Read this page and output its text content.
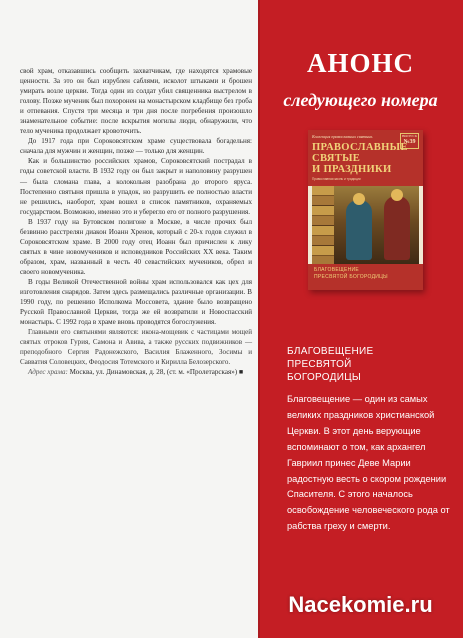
свой храм, отказавшись сообщить захватчикам, где находятся храмовые ценности. За это он был изрублен саблями, исколот штыками и брошен умирать возле церкви. Тогда один из солдат убил священника выстрелом в голову. Позже мученик был похоронен на монастырском кладбище без гроба и отпевания. Спустя три месяца и три дня после погребения произошло знаменательное событие: после вскрытия могилы люди, обнаружили, что тело мученика продолжает кровоточить.

До 1917 года при Сороковсятском храме существовала богадельня: сначала для мужчин и женщин, позже — только для женщин.

Как и большинство российских храмов, Сороковсятский пострадал в годы советской власти. В 1932 году он был закрыт и наполовину разрушен — была сломана глава, а колокольня разобрана до второго яруса. Постепенно святыня пришла в упадок, но разрушить ее полностью власти не решились, наоборот, храм вошел в список памятников, охраняемых государством. Возможно, именно это и уберегло его от полного разрушения.

В 1937 году на Бутовском полигоне в Москве, в числе прочих был безвинно расстрелян диакон Иоанн Хренов, который с 20-х годов служил в Сороковсятском храме. В 2000 году отец Иоанн был причислен к лику святых в чине новомучеников и исповедников Российских XX века. Таким образом, храм, названный в честь 40 севастийских мучеников, обрел и своего новомученика.

В годы Великой Отечественной войны храм использовался как цех для изготовления снарядов. Затем здесь размещались различные организации. В 1990 году, по решению Исполкома Моссовета, здание было возвращено Русской Православной Церкви, тогда же ей возвратили и Новоспасский монастырь. С 1992 года в храме вновь проводятся богослужения.

Главными его святынями являются: икона-мощевик с частицами мощей святых отроков Гурия, Самона и Авива, а также русских подвижников — преподобного Сергия Радонежского, Василия Блаженного, Зосимы и Савватия Соловецких, Феодосия Тотемского и Кирилла Белозерского.

Адрес храма: Москва, ул. Динамовская, д. 28, (ст. м. «Пролетарская») ■

АНОНС
следующего номера
Коллекция православных святынь	ВЫПУСК
№39
ПРАВОСЛАВНЫЕ
СВЯТЫЕ
И ПРАЗДНИКИ
Православная жизнь и традиции
БЛАГОВЕЩЕНИЕ
ПРЕСВЯТОЙ БОГОРОДИЦЫ
БЛАГОВЕЩЕНИЕ
ПРЕСВЯТОЙ
БОГОРОДИЦЫ
Благовещение — один из самых великих праздников христианской Церкви. В этот день верующие вспоминают о том, как архангел Гавриил принес Деве Марии радостную весть о скором рождении Спасителя. С этого началось освобождение человеческого рода от рабства греху и смерти.
Nacekomie.ru
